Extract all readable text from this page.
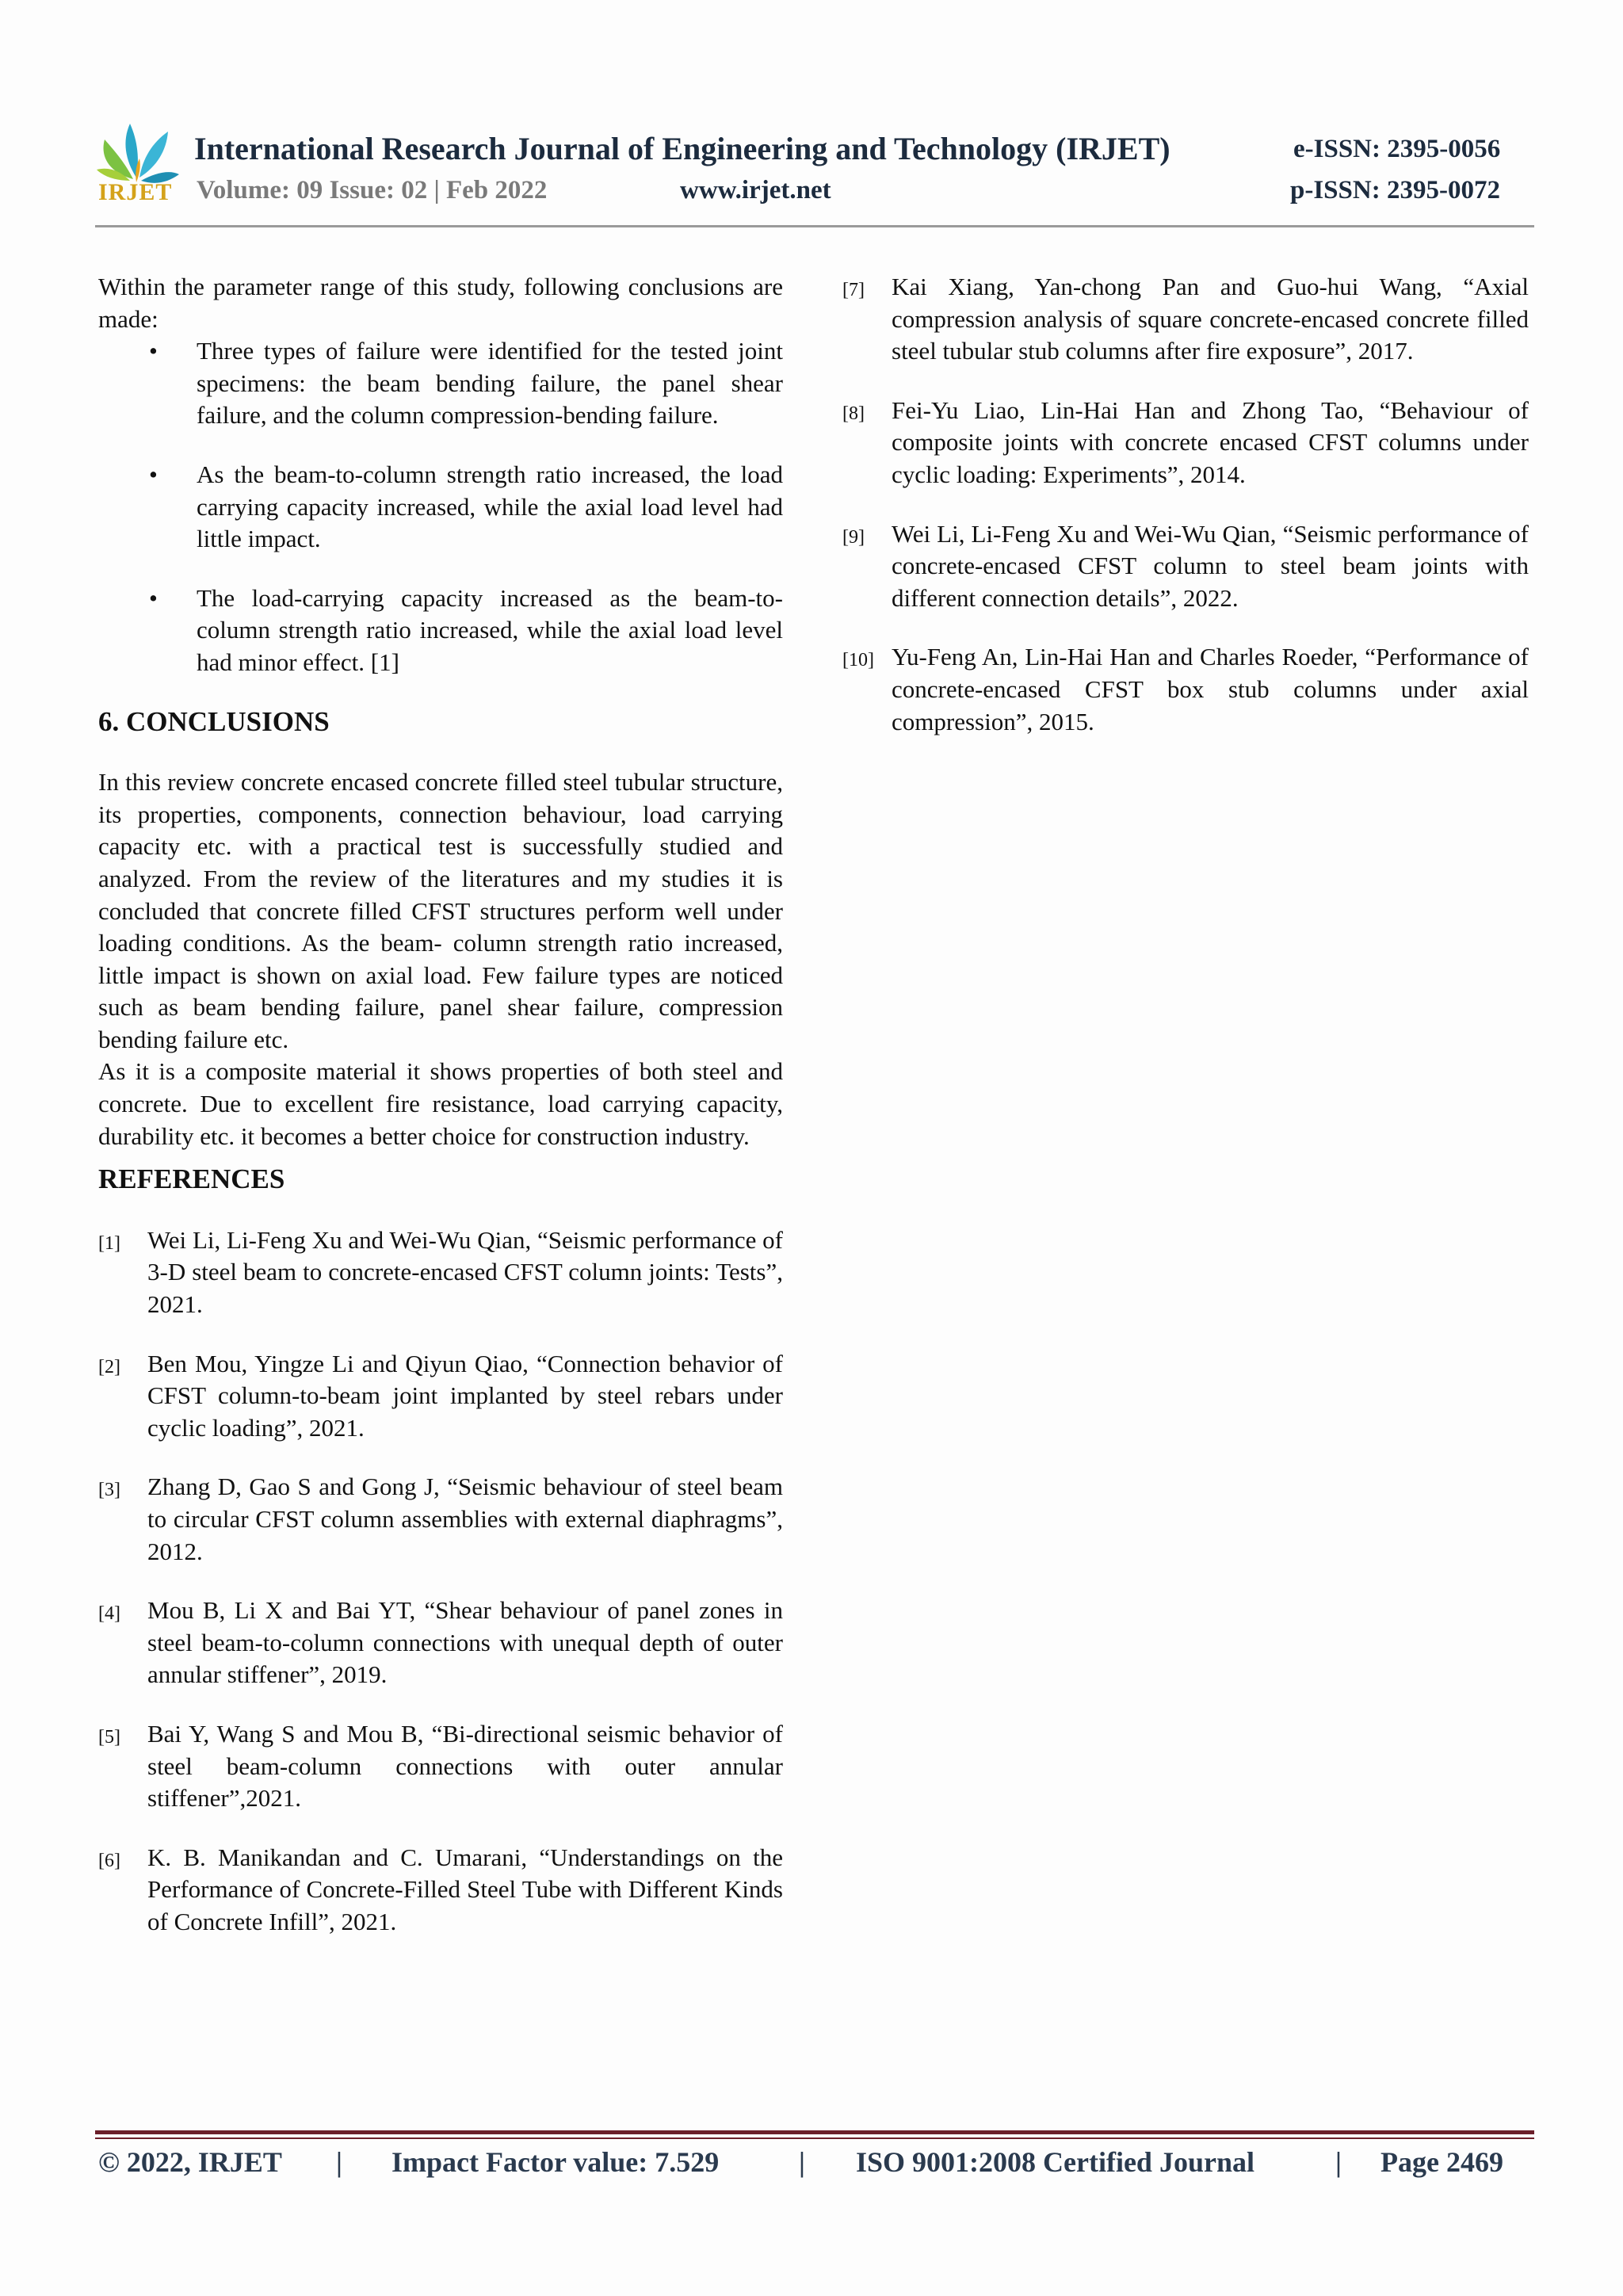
IRJET
International Research Journal of Engineering and Technology (IRJET)	e-ISSN: 2395-0056
Volume: 09 Issue: 02 | Feb 2022	www.irjet.net	p-ISSN: 2395-0072

Within the parameter range of this study, following conclusions are made:

• Three types of failure were identified for the tested joint specimens: the beam bending failure, the panel shear failure, and the column compression-bending failure.
• As the beam-to-column strength ratio increased, the load carrying capacity increased, while the axial load level had little impact.
• The load-carrying capacity increased as the beam-to-column strength ratio increased, while the axial load level had minor effect. [1]
6. CONCLUSIONS

In this review concrete encased concrete filled steel tubular structure, its properties, components, connection behaviour, load carrying capacity etc. with a practical test is successfully studied and analyzed. From the review of the literatures and my studies it is concluded that concrete filled CFST structures perform well under loading conditions. As the beam- column strength ratio increased, little impact is shown on axial load. Few failure types are noticed such as beam bending failure, panel shear failure, compression bending failure etc.

As it is a composite material it shows properties of both steel and concrete. Due to excellent fire resistance, load carrying capacity, durability etc. it becomes a better choice for construction industry.

REFERENCES
[1] Wei Li, Li-Feng Xu and Wei-Wu Qian, “Seismic performance of 3-D steel beam to concrete-encased CFST column joints: Tests”, 2021.
[2] Ben Mou, Yingze Li and Qiyun Qiao, “Connection behavior of CFST column-to-beam joint implanted by steel rebars under cyclic loading”, 2021.
[3] Zhang D, Gao S and Gong J, “Seismic behaviour of steel beam to circular CFST column assemblies with external diaphragms”, 2012.
[4] Mou B, Li X and Bai YT, “Shear behaviour of panel zones in steel beam-to-column connections with unequal depth of outer annular stiffener”, 2019.
[5] Bai Y, Wang S and Mou B, “Bi-directional seismic behavior of steel beam-column connections with outer annular stiffener”,2021.
[6] K. B. Manikandan and C. Umarani, “Understandings on the Performance of Concrete-Filled Steel Tube with Different Kinds of Concrete Infill”, 2021.
[7] Kai Xiang, Yan-chong Pan and Guo-hui Wang, “Axial compression analysis of square concrete-encased concrete filled steel tubular stub columns after fire exposure”, 2017.
[8] Fei-Yu Liao, Lin-Hai Han and Zhong Tao, “Behaviour of composite joints with concrete encased CFST columns under cyclic loading: Experiments”, 2014.
[9] Wei Li, Li-Feng Xu and Wei-Wu Qian, “Seismic performance of concrete-encased CFST column to steel beam joints with different connection details”, 2022.
[10] Yu-Feng An, Lin-Hai Han and Charles Roeder, “Performance of concrete-encased CFST box stub columns under axial compression”, 2015.
© 2022, IRJET | Impact Factor value: 7.529	| ISO 9001:2008 Certified Journal	| Page 2469
